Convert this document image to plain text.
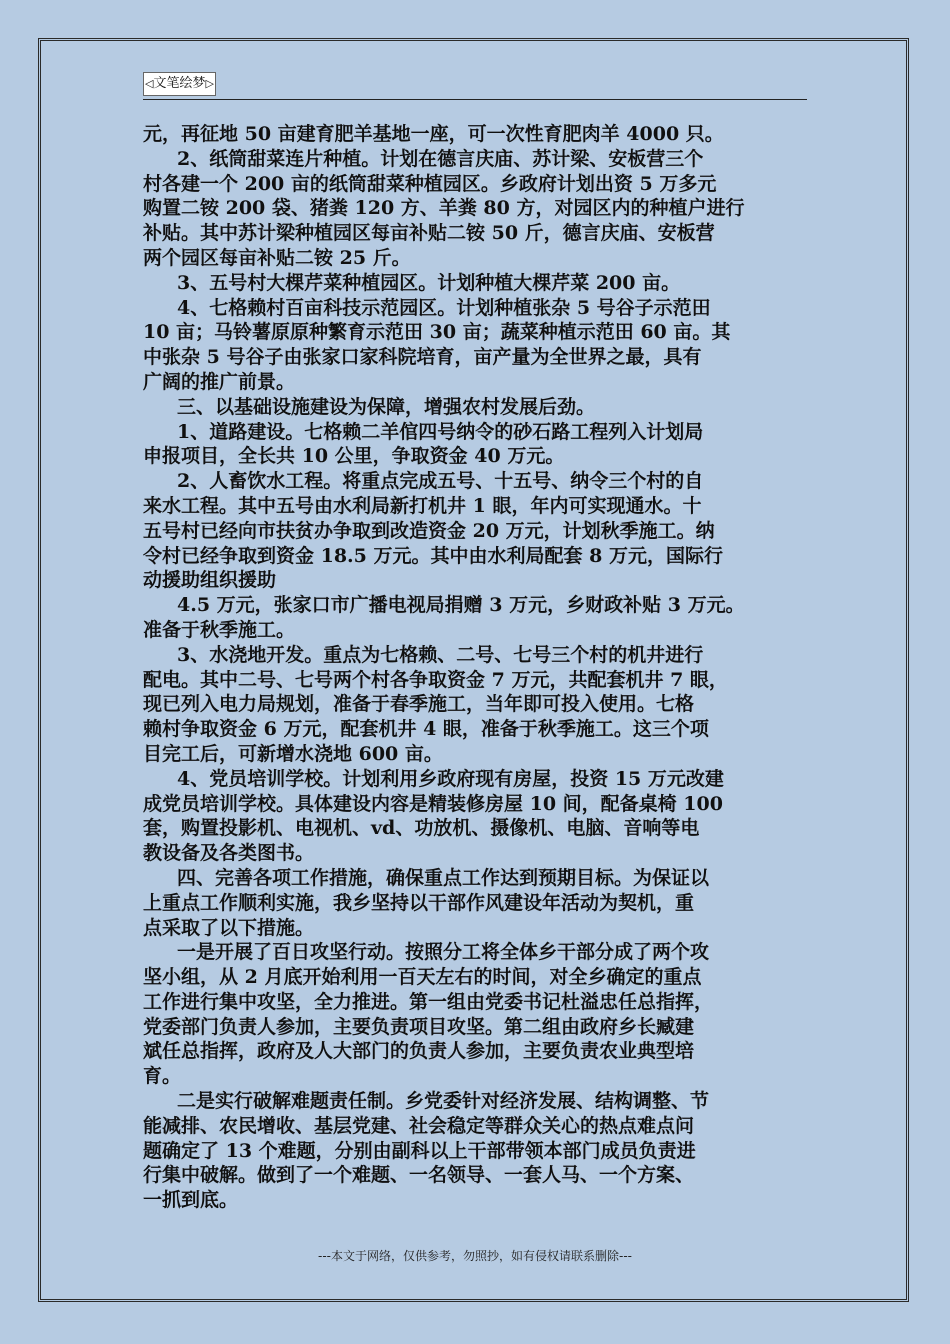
◁文笔绘梦▷

元，再征地 50 亩建育肥羊基地一座，可一次性育肥肉羊 4000 只。

2、纸筒甜菜连片种植。计划在德言庆庙、苏计梁、安板营三个

村各建一个 200 亩的纸筒甜菜种植园区。乡政府计划出资 5 万多元

购置二铵 200 袋、猪粪 120 方、羊粪 80 方，对园区内的种植户进行

补贴。其中苏计梁种植园区每亩补贴二铵 50 斤，德言庆庙、安板营

两个园区每亩补贴二铵 25 斤。

3、五号村大棵芹菜种植园区。计划种植大棵芹菜 200 亩。

4、七格赖村百亩科技示范园区。计划种植张杂 5 号谷子示范田

10 亩；马铃薯原原种繁育示范田 30 亩；蔬菜种植示范田 60 亩。其

中张杂 5 号谷子由张家口家科院培育，亩产量为全世界之最，具有

广阔的推广前景。

三、以基础设施建设为保障，增强农村发展后劲。

1、道路建设。七格赖二羊倌四号纳令的砂石路工程列入计划局

申报项目，全长共 10 公里，争取资金 40 万元。

2、人畜饮水工程。将重点完成五号、十五号、纳令三个村的自

来水工程。其中五号由水利局新打机井 1 眼，年内可实现通水。十

五号村已经向市扶贫办争取到改造资金 20 万元，计划秋季施工。纳

令村已经争取到资金 18.5 万元。其中由水利局配套 8 万元，国际行

动援助组织援助

4.5 万元，张家口市广播电视局捐赠 3 万元，乡财政补贴 3 万元。

准备于秋季施工。

3、水浇地开发。重点为七格赖、二号、七号三个村的机井进行

配电。其中二号、七号两个村各争取资金 7 万元，共配套机井 7 眼，

现已列入电力局规划，准备于春季施工，当年即可投入使用。七格

赖村争取资金 6 万元，配套机井 4 眼，准备于秋季施工。这三个项

目完工后，可新增水浇地 600 亩。

4、党员培训学校。计划利用乡政府现有房屋，投资 15 万元改建

成党员培训学校。具体建设内容是精装修房屋 10 间，配备桌椅 100

套，购置投影机、电视机、vd、功放机、摄像机、电脑、音响等电

教设备及各类图书。

四、完善各项工作措施，确保重点工作达到预期目标。为保证以

上重点工作顺利实施，我乡坚持以干部作风建设年活动为契机，重

点采取了以下措施。

一是开展了百日攻坚行动。按照分工将全体乡干部分成了两个攻

坚小组，从 2 月底开始利用一百天左右的时间，对全乡确定的重点

工作进行集中攻坚，全力推进。第一组由党委书记杜溢忠任总指挥，

党委部门负责人参加，主要负责项目攻坚。第二组由政府乡长臧建

斌任总指挥，政府及人大部门的负责人参加，主要负责农业典型培

育。

二是实行破解难题责任制。乡党委针对经济发展、结构调整、节

能减排、农民增收、基层党建、社会稳定等群众关心的热点难点问

题确定了 13 个难题，分别由副科以上干部带领本部门成员负责进

行集中破解。做到了一个难题、一名领导、一套人马、一个方案、

一抓到底。

---本文于网络，仅供参考，勿照抄，如有侵权请联系删除---
